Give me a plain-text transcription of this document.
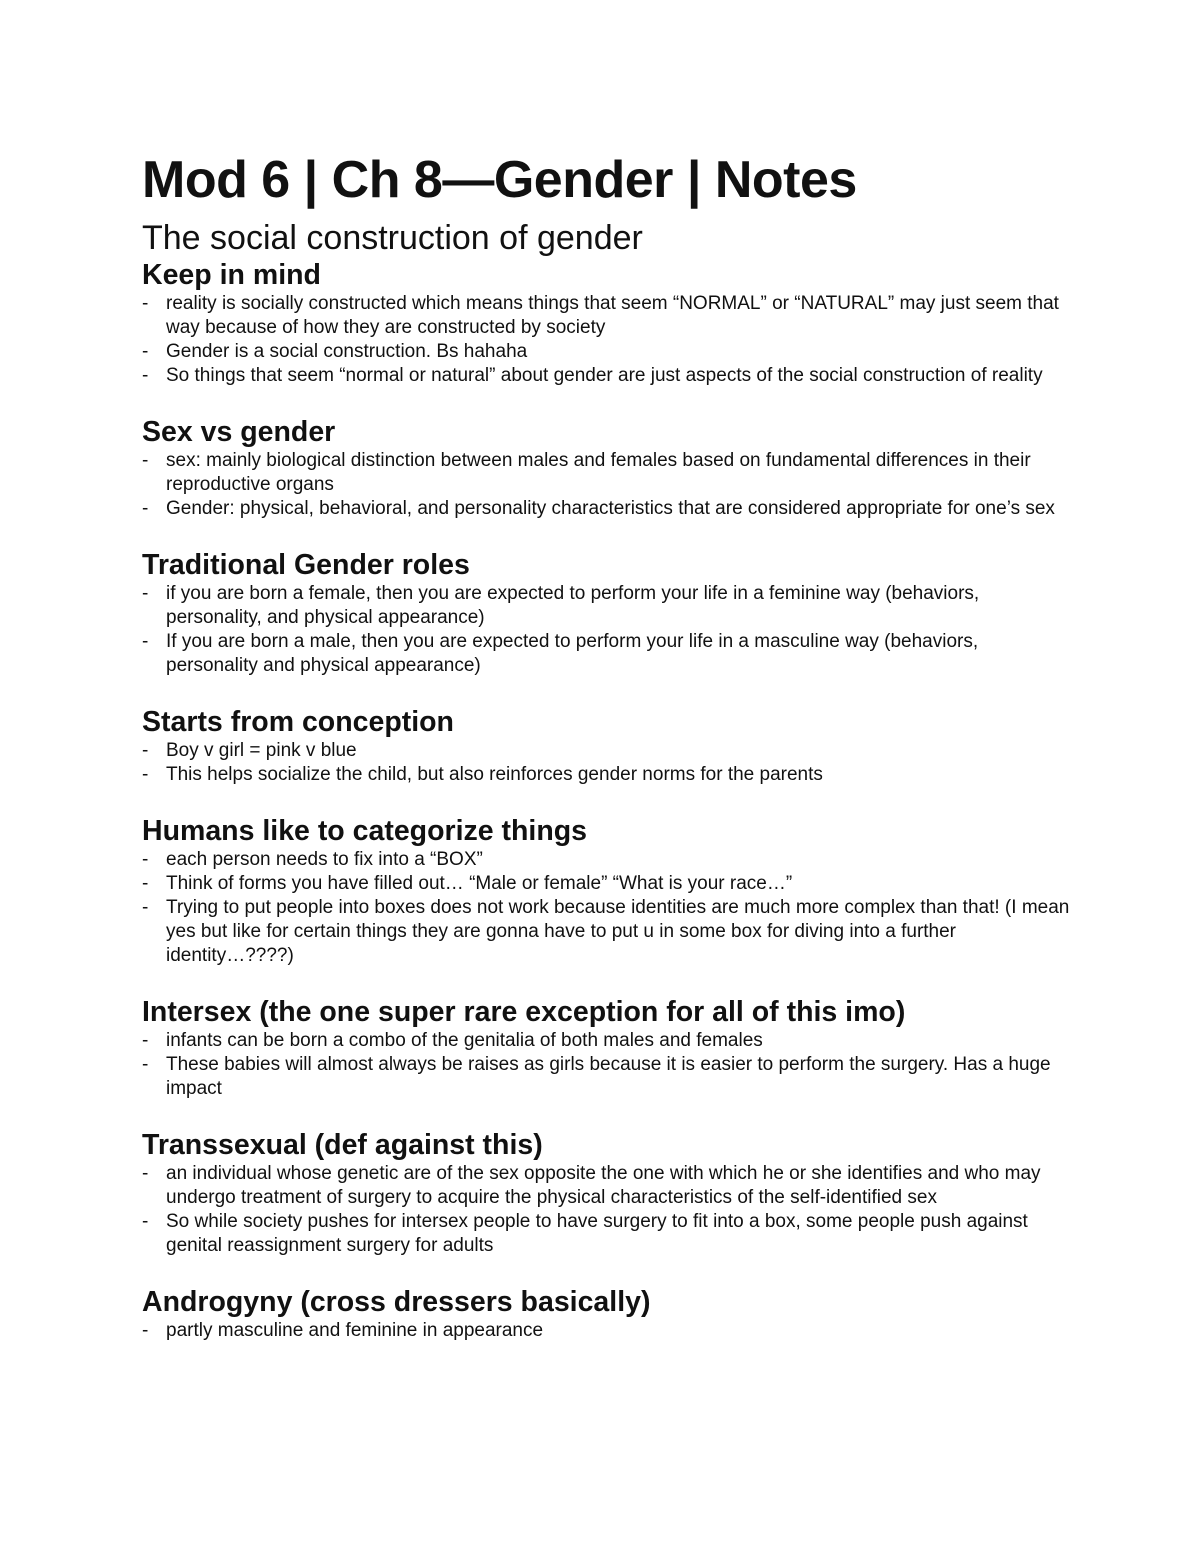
Mod 6 | Ch 8—Gender | Notes
The social construction of gender
Keep in mind
- reality is socially constructed which means things that seem “NORMAL” or “NATURAL” may just seem that way because of how they are constructed by society
- Gender is a social construction. Bs hahaha
- So things that seem “normal or natural” about gender are just aspects of the social construction of reality
Sex vs gender
- sex: mainly biological distinction between males and females based on fundamental differences in their reproductive organs
- Gender: physical, behavioral, and personality characteristics that are considered appropriate for one’s sex
Traditional Gender roles
- if you are born a female, then you are expected to perform your life in a feminine way (behaviors, personality, and physical appearance)
- If you are born a male, then you are expected to perform your life in a masculine way (behaviors, personality and physical appearance)
Starts from conception
- Boy v girl = pink v blue
- This helps socialize the child, but also reinforces gender norms for the parents
Humans like to categorize things
- each person needs to fix into a “BOX”
- Think of forms you have filled out… “Male or female” “What is your race…”
- Trying to put people into boxes does not work because identities are much more complex than that! (I mean yes but like for certain things they are gonna have to put u in some box for diving into a further identity…????)
Intersex (the one super rare exception for all of this imo)
- infants can be born a combo of the genitalia of both males and females
- These babies will almost always be raises as girls because it is easier to perform the surgery. Has a huge impact
Transsexual (def against this)
- an individual whose genetic are of the sex opposite the one with which he or she identifies and who may undergo treatment of surgery to acquire the physical characteristics of the self-identified sex
- So while society pushes for intersex people to have surgery to fit into a box, some people push against genital reassignment surgery for adults
Androgyny (cross dressers basically)
- partly masculine and feminine in appearance
